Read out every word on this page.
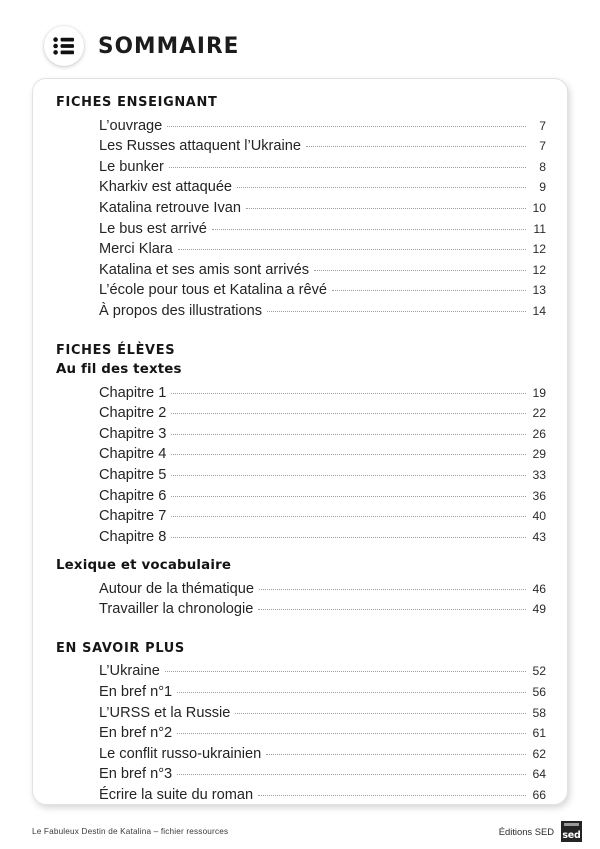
SOMMAIRE
FICHES ENSEIGNANT
L’ouvrage	7
Les Russes attaquent l’Ukraine	7
Le bunker	8
Kharkiv est attaquée	9
Katalina retrouve Ivan	10
Le bus est arrivé	11
Merci Klara	12
Katalina et ses amis sont arrivés	12
L’école pour tous et Katalina a rêvé	13
À propos des illustrations	14
FICHES ÉLÈVES
Au fil des textes
Chapitre 1	19
Chapitre 2	22
Chapitre 3	26
Chapitre 4	29
Chapitre 5	33
Chapitre 6	36
Chapitre 7	40
Chapitre 8	43
Lexique et vocabulaire
Autour de la thématique	46
Travailler la chronologie	49
EN SAVOIR PLUS
L’Ukraine	52
En bref n°1	56
L’URSS et la Russie	58
En bref n°2	61
Le conflit russo-ukrainien	62
En bref n°3	64
Écrire la suite du roman	66
Le Fabuleux Destin de Katalina – fichier ressources	Éditions SED sed
